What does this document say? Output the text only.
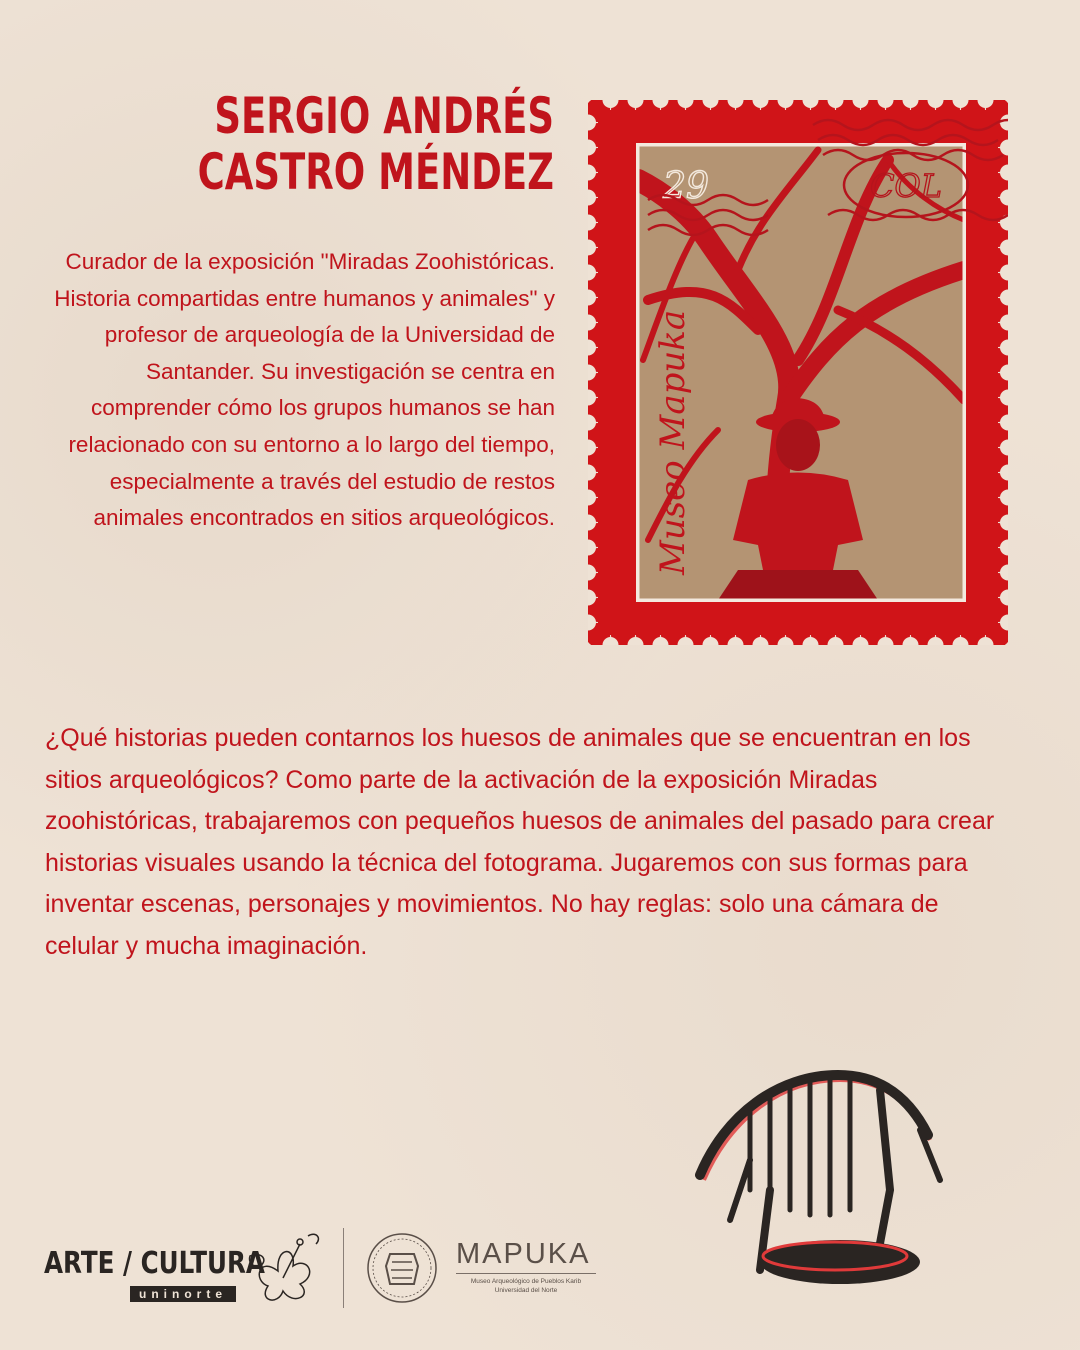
SERGIO ANDRÉS
CASTRO MÉNDEZ
Curador de la exposición "Miradas Zoohistóricas. Historia compartidas entre humanos y animales" y profesor de arqueología de la Universidad de Santander. Su investigación se centra en comprender cómo los grupos humanos se han relacionado con su entorno a lo largo del tiempo, especialmente a través del estudio de restos animales encontrados en sitios arqueológicos.
29
Museo Mapuka
COL
¿Qué historias pueden contarnos los huesos de animales que se encuentran en los sitios arqueológicos? Como parte de la activación de la exposición Miradas zoohistóricas, trabajaremos con pequeños huesos de animales del pasado para crear historias visuales usando la técnica del fotograma. Jugaremos con sus formas para inventar escenas, personajes y movimientos. No hay reglas: solo una cámara de celular y mucha imaginación.
ARTE / CULTURA
uninorte
MAPUKA
Museo Arqueológico de Pueblos Karib
Universidad del Norte
